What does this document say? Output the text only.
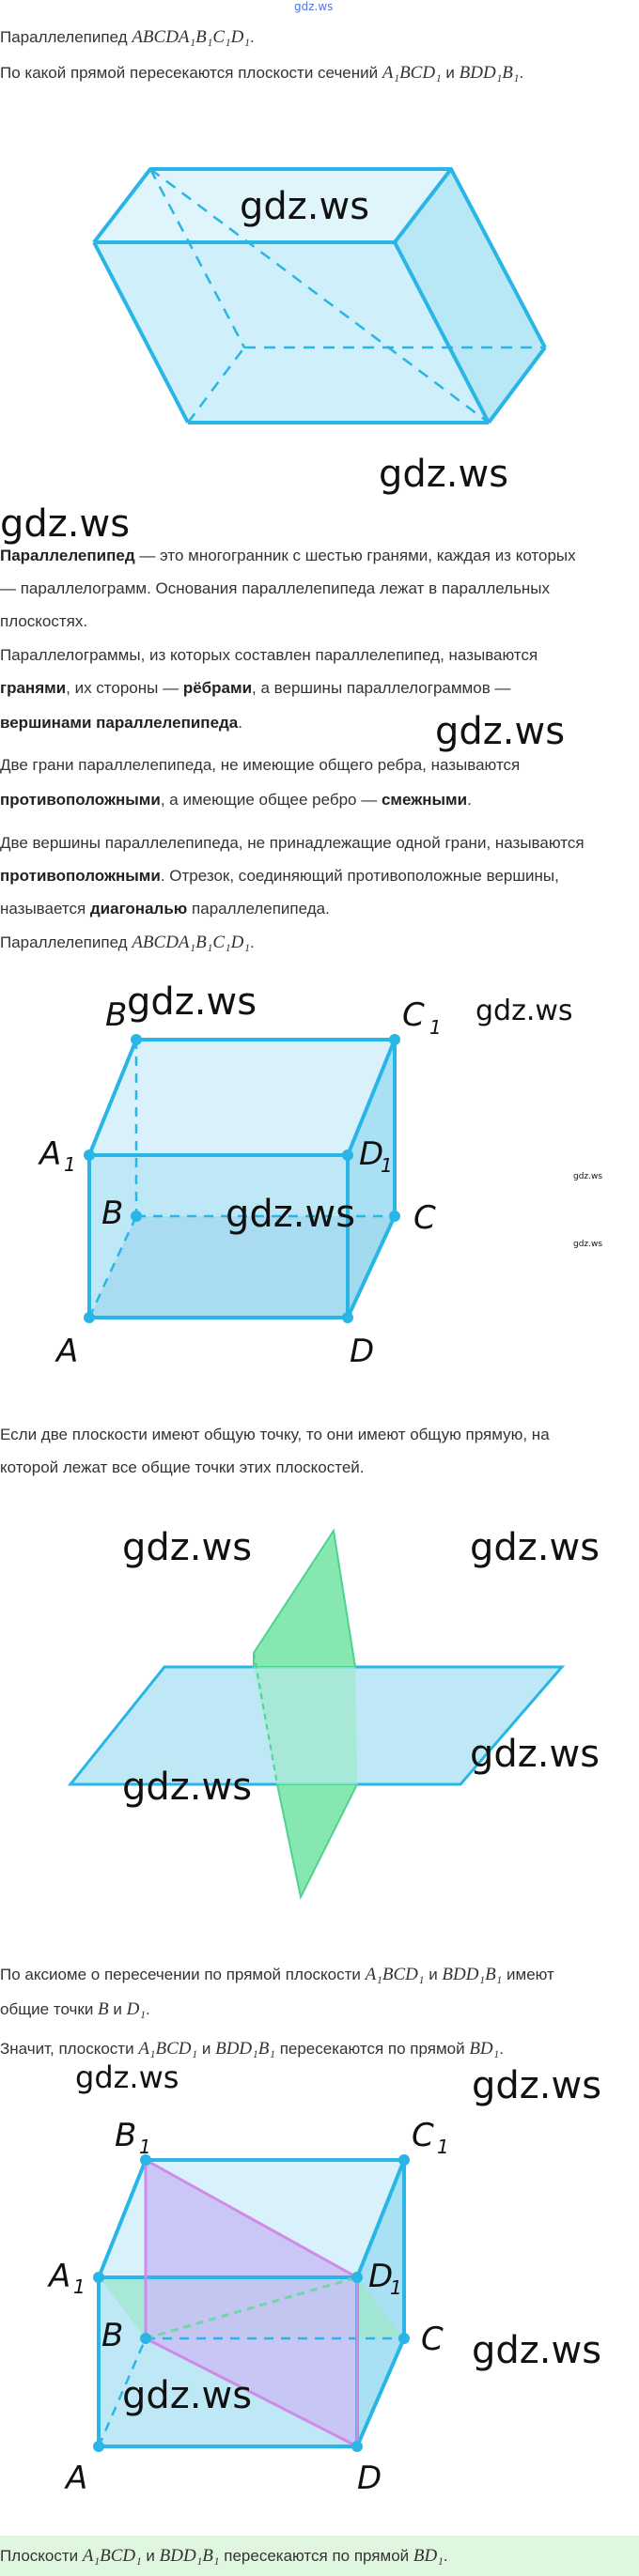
gdz.ws
Параллелепипед ABCDA₁B₁C₁D₁.
По какой прямой пересекаются плоскости сечений A₁BCD₁ и BDD₁B₁.
gdz.ws
gdz.ws
gdz.ws
Параллелепипед — это многогранник с шестью гранями, каждая из которых
— параллелограмм. Основания параллелепипеда лежат в параллельных
плоскостях.
Параллелограммы, из которых составлен параллелепипед, называются
гранями, их стороны — рёбрами, а вершины параллелограммов —
вершинами параллелепипеда.	gdz.ws
Две грани параллелепипеда, не имеющие общего ребра, называются
противоположными, а имеющие общее ребро — смежными.
Две вершины параллелепипеда, не принадлежащие одной грани, называются
противоположными. Отрезок, соединяющий противоположные вершины,
называется диагональю параллелепипеда.
Параллелепипед ABCDA₁B₁C₁D₁.
B	C
A	D
B	C
A	D
1
1	1
gdz.ws	gdz.ws
gdz.ws
gdz.ws
gdz.ws
Если две плоскости имеют общую точку, то они имеют общую прямую, на
которой лежат все общие точки этих плоскостей.
gdz.ws	gdz.ws
gdz.ws
gdz.ws
По аксиоме о пересечении по прямой плоскости A₁BCD₁ и BDD₁B₁ имеют
общие точки B и D₁.
Значит, плоскости A₁BCD₁ и BDD₁B₁ пересекаются по прямой BD₁.
B	C
A	D
B	C
A	D
1	1
1	1
gdz.ws	gdz.ws
gdz.ws
gdz.ws
Плоскости A₁BCD₁ и BDD₁B₁ пересекаются по прямой BD₁.
